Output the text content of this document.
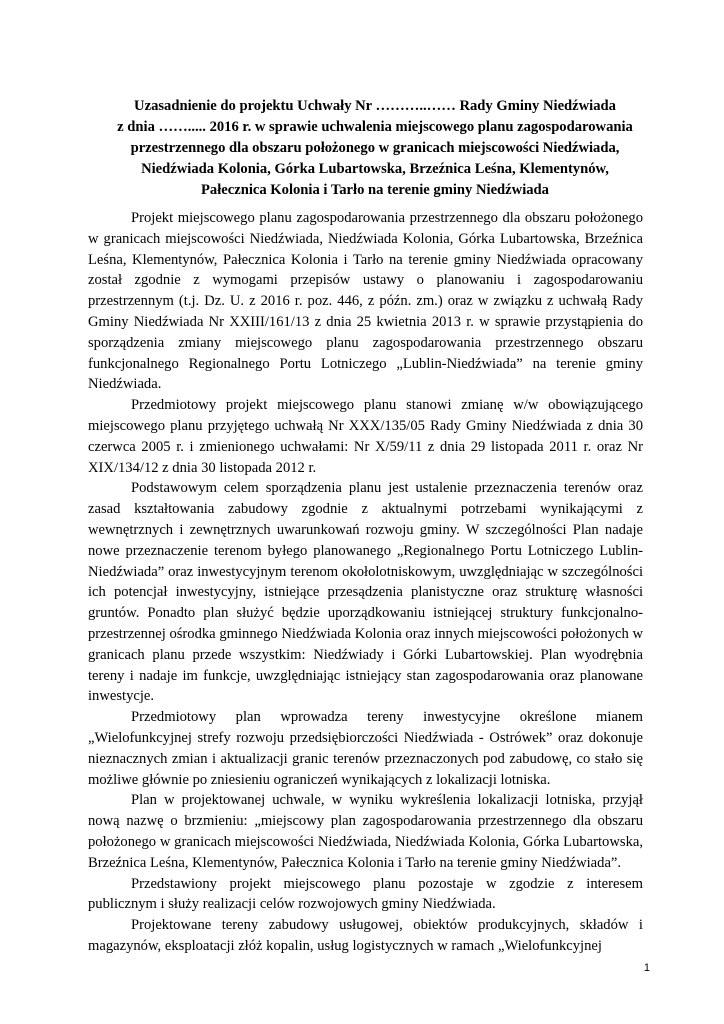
Uzasadnienie do projektu Uchwały Nr ………..…… Rady Gminy Niedźwiada
z dnia ……..... 2016 r. w sprawie uchwalenia miejscowego planu zagospodarowania
przestrzennego dla obszaru położonego w granicach miejscowości Niedźwiada,
Niedźwiada Kolonia, Górka Lubartowska, Brzeźnica Leśna, Klementynów,
Pałecznica Kolonia i Tarło na terenie gminy Niedźwiada

Projekt miejscowego planu zagospodarowania przestrzennego dla obszaru położonego w granicach miejscowości Niedźwiada, Niedźwiada Kolonia, Górka Lubartowska, Brzeźnica Leśna, Klementynów, Pałecznica Kolonia i Tarło na terenie gminy Niedźwiada opracowany został zgodnie z wymogami przepisów ustawy o planowaniu i zagospodarowaniu przestrzennym (t.j. Dz. U. z 2016 r. poz. 446, z późn. zm.) oraz w związku z uchwałą Rady Gminy Niedźwiada Nr XXIII/161/13 z dnia 25 kwietnia 2013 r. w sprawie przystąpienia do sporządzenia zmiany miejscowego planu zagospodarowania przestrzennego obszaru funkcjonalnego Regionalnego Portu Lotniczego „Lublin-Niedźwiada” na terenie gminy Niedźwiada.

Przedmiotowy projekt miejscowego planu stanowi zmianę w/w obowiązującego miejscowego planu przyjętego uchwałą Nr XXX/135/05 Rady Gminy Niedźwiada z dnia 30 czerwca 2005 r. i zmienionego uchwałami: Nr X/59/11 z dnia 29 listopada 2011 r. oraz Nr XIX/134/12 z dnia 30 listopada 2012 r.

Podstawowym celem sporządzenia planu jest ustalenie przeznaczenia terenów oraz zasad kształtowania zabudowy zgodnie z aktualnymi potrzebami wynikającymi z wewnętrznych i zewnętrznych uwarunkowań rozwoju gminy. W szczególności Plan nadaje nowe przeznaczenie terenom byłego planowanego „Regionalnego Portu Lotniczego Lublin-Niedźwiada” oraz inwestycyjnym terenom okołolotniskowym, uwzględniając w szczególności ich potencjał inwestycyjny, istniejące przesądzenia planistyczne oraz strukturę własności gruntów. Ponadto plan służyć będzie uporządkowaniu istniejącej struktury funkcjonalno-przestrzennej ośrodka gminnego Niedźwiada Kolonia oraz innych miejscowości położonych w granicach planu przede wszystkim: Niedźwiady i Górki Lubartowskiej. Plan wyodrębnia tereny i nadaje im funkcje, uwzględniając istniejący stan zagospodarowania oraz planowane inwestycje.

Przedmiotowy plan wprowadza tereny inwestycyjne określone mianem „Wielofunkcyjnej strefy rozwoju przedsiębiorczości Niedźwiada - Ostrówek” oraz dokonuje nieznacznych zmian i aktualizacji granic terenów przeznaczonych pod zabudowę, co stało się możliwe głównie po zniesieniu ograniczeń wynikających z lokalizacji lotniska.

Plan w projektowanej uchwale, w wyniku wykreślenia lokalizacji lotniska, przyjął nową nazwę o brzmieniu: „miejscowy plan zagospodarowania przestrzennego dla obszaru położonego w granicach miejscowości Niedźwiada, Niedźwiada Kolonia, Górka Lubartowska, Brzeźnica Leśna, Klementynów, Pałecznica Kolonia i Tarło na terenie gminy Niedźwiada”.

Przedstawiony projekt miejscowego planu pozostaje w zgodzie z interesem publicznym i służy realizacji celów rozwojowych gminy Niedźwiada.

Projektowane tereny zabudowy usługowej, obiektów produkcyjnych, składów i magazynów, eksploatacji złóż kopalin, usług logistycznych w ramach „Wielofunkcyjnej

1
